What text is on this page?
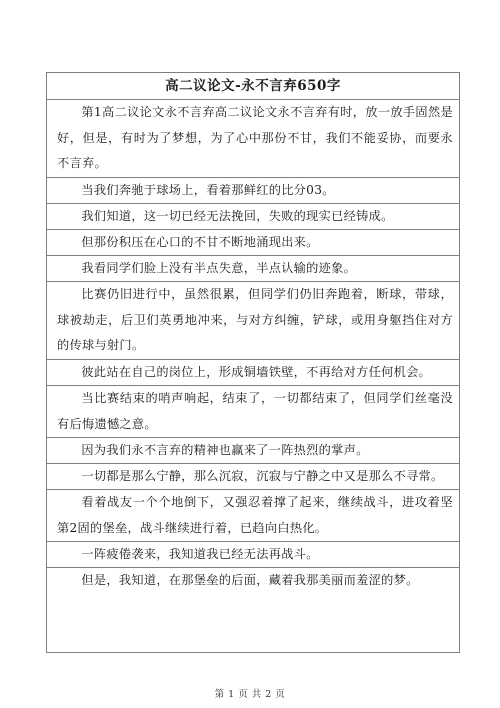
高二议论文-永不言弃650字
第1高二议论文永不言弃高二议论文永不言弃有时，放一放手固然是好，但是，有时为了梦想，为了心中那份不甘，我们不能妥协，而要永不言弃。
当我们奔驰于球场上，看着那鲜红的比分03。
我们知道，这一切已经无法挽回，失败的现实已经铸成。
但那份积压在心口的不甘不断地涌现出来。
我看同学们脸上没有半点失意，半点认输的迹象。
比赛仍旧进行中，虽然很累，但同学们仍旧奔跑着，断球，带球，球被劫走，后卫们英勇地冲来，与对方纠缠，铲球，或用身躯挡住对方的传球与射门。
彼此站在自己的岗位上，形成铜墙铁壁，不再给对方任何机会。
当比赛结束的哨声响起，结束了，一切都结束了，但同学们丝毫没有后悔遗憾之意。
因为我们永不言弃的精神也赢来了一阵热烈的掌声。
一切都是那么宁静，那么沉寂，沉寂与宁静之中又是那么不寻常。
看着战友一个个地倒下，又强忍着撑了起来，继续战斗，进攻着坚第2固的堡垒，战斗继续进行着，已趋向白热化。
一阵疲倦袭来，我知道我已经无法再战斗。
但是，我知道，在那堡垒的后面，藏着我那美丽而羞涩的梦。
第 1 页 共 2 页
